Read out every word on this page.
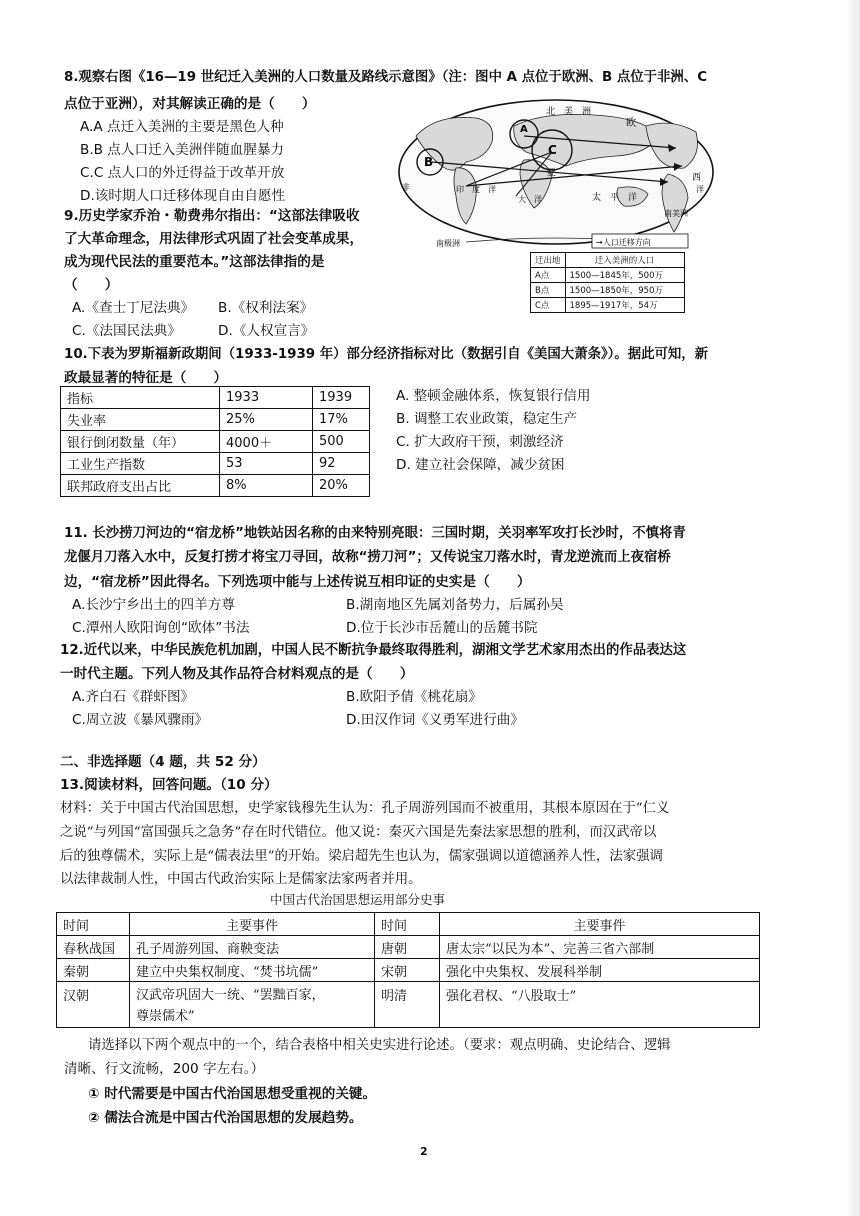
8.观察右图《16—19 世纪迁入美洲的人口数量及路线示意图》（注：图中 A 点位于欧洲、B 点位于非洲、C
点位于亚洲），对其解读正确的是（　　）
A.A 点迁入美洲的主要是黑色人种
B.B 点人口迁入美洲伴随血腥暴力
C.C 点人口的外迁得益于改革开放
D.该时期人口迁移体现自由自愿性
北　美　洲
A
B
C
欧
亚
非	印　度　洋
大　洋	太　平　洋
西
洋
南美洲
南极洲	→人口迁移方向
迁出地	迁入美洲的人口
A点	1500—1845年，500万
B点	1500—1850年，950万
C点	1895—1917年，54万
9.历史学家乔治・勒费弗尔指出：“这部法律吸收
了大革命理念，用法律形式巩固了社会变革成果，
成为现代民法的重要范本。”这部法律指的是
（　　）
A.《查士丁尼法典》 B.《权利法案》
C.《法国民法典》	D.《人权宣言》
10.下表为罗斯福新政期间（1933-1939 年）部分经济指标对比（数据引自《美国大萧条》）。据此可知，新
政最显著的特征是（　　）
指标	1933	1939
失业率	25%	17%
银行倒闭数量（年）	4000＋	500
工业生产指数	53	92
联邦政府支出占比	8%	20%
A. 整顿金融体系，恢复银行信用
B. 调整工农业政策，稳定生产
C. 扩大政府干预，刺激经济
D. 建立社会保障，减少贫困
11. 长沙捞刀河边的“宿龙桥”地铁站因名称的由来特别亮眼：三国时期，关羽率军攻打长沙时，不慎将青
龙偃月刀落入水中，反复打捞才将宝刀寻回，故称“捞刀河”；又传说宝刀落水时，青龙逆流而上夜宿桥
边，“宿龙桥”因此得名。下列选项中能与上述传说互相印证的史实是（　　）
A.长沙宁乡出土的四羊方尊	B.湖南地区先属刘备势力，后属孙吴
C.潭州人欧阳询创“欧体”书法	D.位于长沙市岳麓山的岳麓书院
12.近代以来，中华民族危机加剧，中国人民不断抗争最终取得胜利，湖湘文学艺术家用杰出的作品表达这
一时代主题。下列人物及其作品符合材料观点的是（　　）
A.齐白石《群虾图》	B.欧阳予倩《桃花扇》
C.周立波《暴风骤雨》	D.田汉作词《义勇军进行曲》
二、非选择题（4 题，共 52 分）
13.阅读材料，回答问题。（10 分）
材料：关于中国古代治国思想，史学家钱穆先生认为：孔子周游列国而不被重用，其根本原因在于“仁义
之说”与列国“富国强兵之急务”存在时代错位。他又说：秦灭六国是先秦法家思想的胜利，而汉武帝以
后的独尊儒术，实际上是“儒表法里”的开始。梁启超先生也认为，儒家强调以道德涵养人性，法家强调
以法律裁制人性，中国古代政治实际上是儒家法家两者并用。
中国古代治国思想运用部分史事
时间	主要事件	时间	主要事件
春秋战国	孔子周游列国、商鞅变法	唐朝	唐太宗“以民为本”、完善三省六部制
秦朝	建立中央集权制度、“焚书坑儒”	宋朝	强化中央集权、发展科举制
汉朝	汉武帝巩固大一统、“罢黜百家，
尊崇儒术”	明清	强化君权、“八股取士”
请选择以下两个观点中的一个，结合表格中相关史实进行论述。（要求：观点明确、史论结合、逻辑
清晰、行文流畅，200 字左右。）
① 时代需要是中国古代治国思想受重视的关键。
② 儒法合流是中国古代治国思想的发展趋势。
2
